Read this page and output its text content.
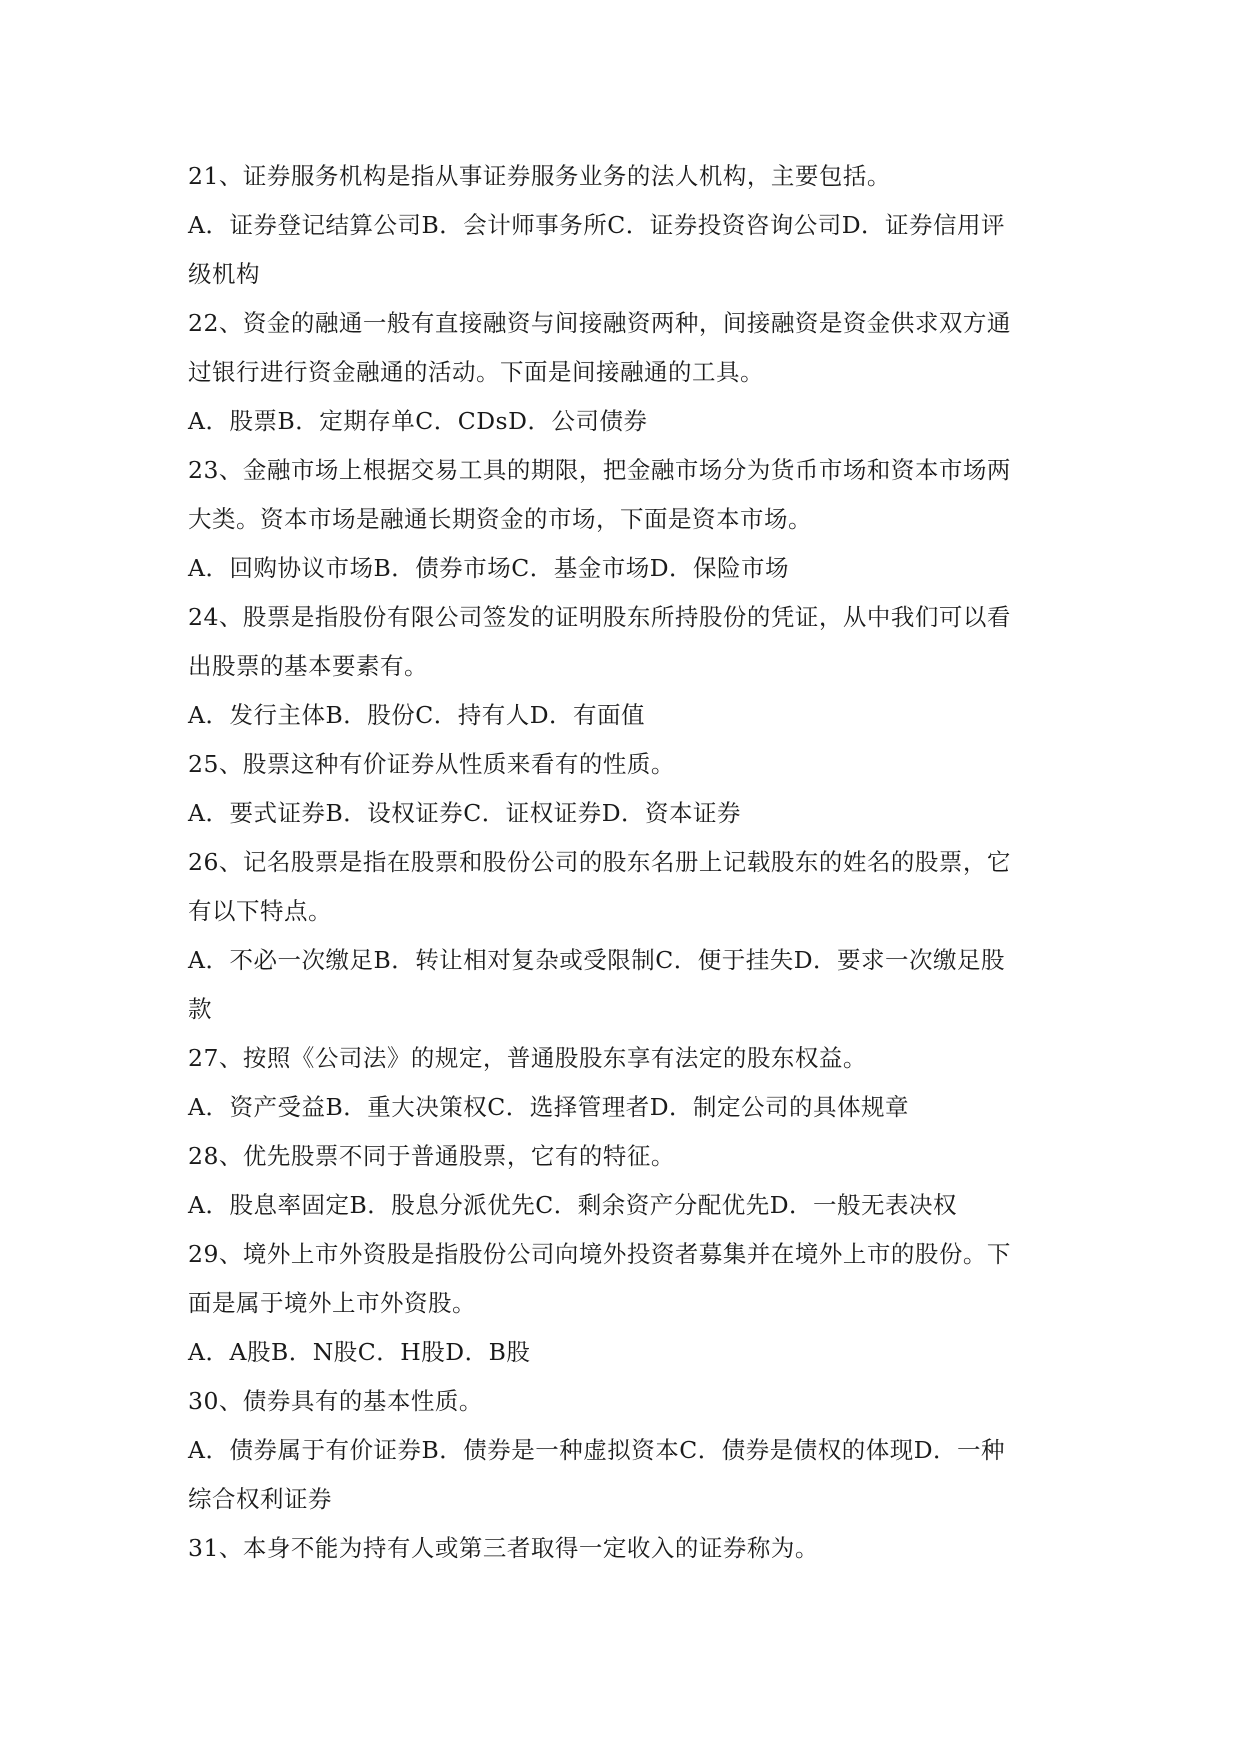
21、证券服务机构是指从事证券服务业务的法人机构，主要包括。
A．证券登记结算公司B．会计师事务所C．证券投资咨询公司D．证券信用评
级机构
22、资金的融通一般有直接融资与间接融资两种，间接融资是资金供求双方通
过银行进行资金融通的活动。下面是间接融通的工具。
A．股票B．定期存单C．CDsD．公司债券
23、金融市场上根据交易工具的期限，把金融市场分为货币市场和资本市场两
大类。资本市场是融通长期资金的市场，下面是资本市场。
A．回购协议市场B．债券市场C．基金市场D．保险市场
24、股票是指股份有限公司签发的证明股东所持股份的凭证，从中我们可以看
出股票的基本要素有。
A．发行主体B．股份C．持有人D．有面值
25、股票这种有价证券从性质来看有的性质。
A．要式证券B．设权证券C．证权证券D．资本证券
26、记名股票是指在股票和股份公司的股东名册上记载股东的姓名的股票，它
有以下特点。
A．不必一次缴足B．转让相对复杂或受限制C．便于挂失D．要求一次缴足股
款
27、按照《公司法》的规定，普通股股东享有法定的股东权益。
A．资产受益B．重大决策权C．选择管理者D．制定公司的具体规章
28、优先股票不同于普通股票，它有的特征。
A．股息率固定B．股息分派优先C．剩余资产分配优先D．一般无表决权
29、境外上市外资股是指股份公司向境外投资者募集并在境外上市的股份。下
面是属于境外上市外资股。
A．A股B．N股C．H股D．B股
30、债券具有的基本性质。
A．债券属于有价证券B．债券是一种虚拟资本C．债券是债权的体现D．一种
综合权利证券
31、本身不能为持有人或第三者取得一定收入的证券称为。
